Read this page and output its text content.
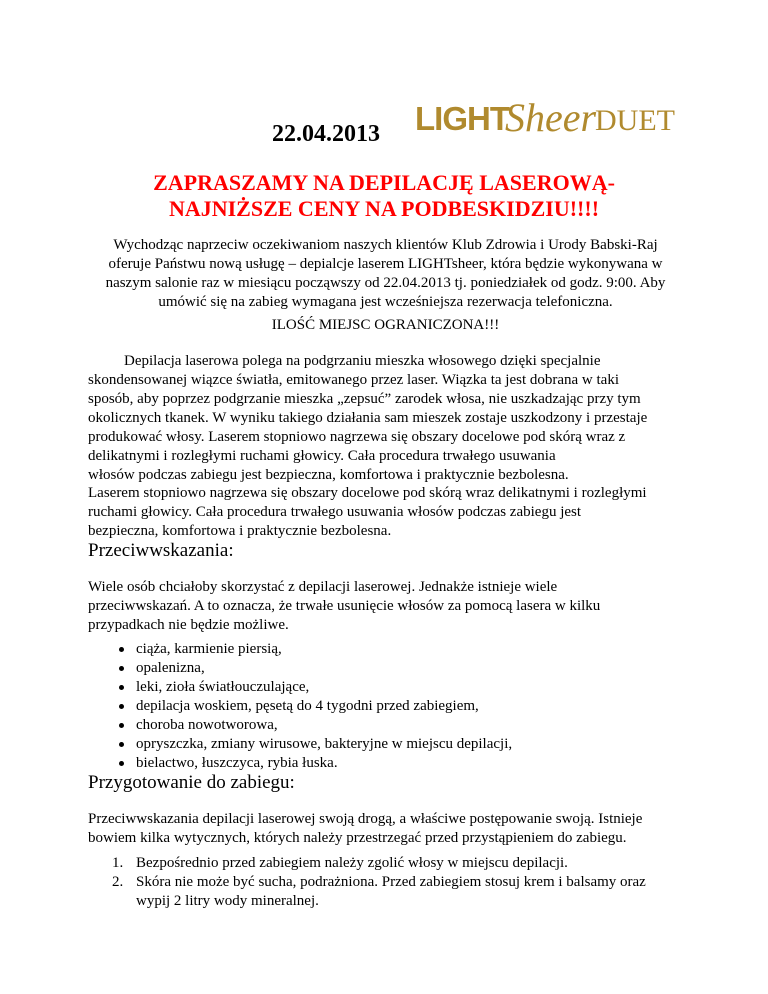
22.04.2013 LIGHT
Sheer
DUET
ZAPRASZAMY NA DEPILACJĘ LASEROWĄ-
NAJNIŻSZE CENY NA PODBESKIDZIU!!!!
Wychodząc naprzeciw oczekiwaniom naszych klientów Klub Zdrowia i Urody Babski-Raj
oferuje Państwu nową usługę – depialcje laserem LIGHTsheer, która będzie wykonywana w
naszym salonie raz w miesiącu począwszy od 22.04.2013 tj. poniedziałek od godz. 9:00. Aby
umówić się na zabieg wymagana jest wcześniejsza rezerwacja telefoniczna.
ILOŚĆ MIEJSC OGRANICZONA!!!
Depilacja laserowa polega na podgrzaniu mieszka włosowego dzięki specjalnie
skondensowanej wiązce światła, emitowanego przez laser. Wiązka ta jest dobrana w taki
sposób, aby poprzez podgrzanie mieszka „zepsuć” zarodek włosa, nie uszkadzając przy tym
okolicznych tkanek. W wyniku takiego działania sam mieszek zostaje uszkodzony i przestaje
produkować włosy. Laserem stopniowo nagrzewa się obszary docelowe pod skórą wraz z
delikatnymi i rozległymi ruchami głowicy. Cała procedura trwałego usuwania
włosów podczas zabiegu jest bezpieczna, komfortowa i praktycznie bezbolesna.
Laserem stopniowo nagrzewa się obszary docelowe pod skórą wraz delikatnymi i rozległymi
ruchami głowicy. Cała procedura trwałego usuwania włosów podczas zabiegu jest
bezpieczna, komfortowa i praktycznie bezbolesna.
Przeciwwskazania:
Wiele osób chciałoby skorzystać z depilacji laserowej. Jednakże istnieje wiele
przeciwwskazań. A to oznacza, że trwałe usunięcie włosów za pomocą lasera w kilku
przypadkach nie będzie możliwe.
ciąża, karmienie piersią,
opalenizna,
leki, zioła światłouczulające,
depilacja woskiem, pęsetą do 4 tygodni przed zabiegiem,
choroba nowotworowa,
opryszczka, zmiany wirusowe, bakteryjne w miejscu depilacji,
bielactwo, łuszczyca, rybia łuska.
Przygotowanie do zabiegu:
Przeciwwskazania depilacji laserowej swoją drogą, a właściwe postępowanie swoją. Istnieje
bowiem kilka wytycznych, których należy przestrzegać przed przystąpieniem do zabiegu.
1. Bezpośrednio przed zabiegiem należy zgolić włosy w miejscu depilacji.
2. Skóra nie może być sucha, podrażniona. Przed zabiegiem stosuj krem i balsamy oraz
wypij 2 litry wody mineralnej.
